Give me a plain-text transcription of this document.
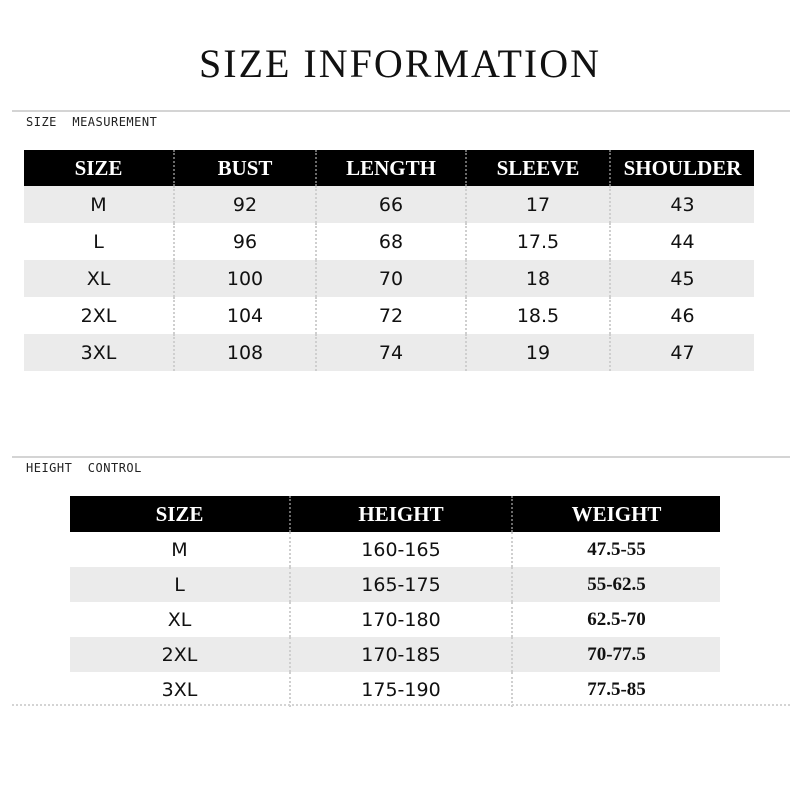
SIZE INFORMATION
SIZE  MEASUREMENT
SIZE	BUST	LENGTH	SLEEVE	SHOULDER
M	92	66	17	43
L	96	68	17.5	44
XL	100	70	18	45
2XL	104	72	18.5	46
3XL	108	74	19	47
HEIGHT  CONTROL
SIZE	HEIGHT	WEIGHT
M	160-165	47.5-55
L	165-175	55-62.5
XL	170-180	62.5-70
2XL	170-185	70-77.5
3XL	175-190	77.5-85
